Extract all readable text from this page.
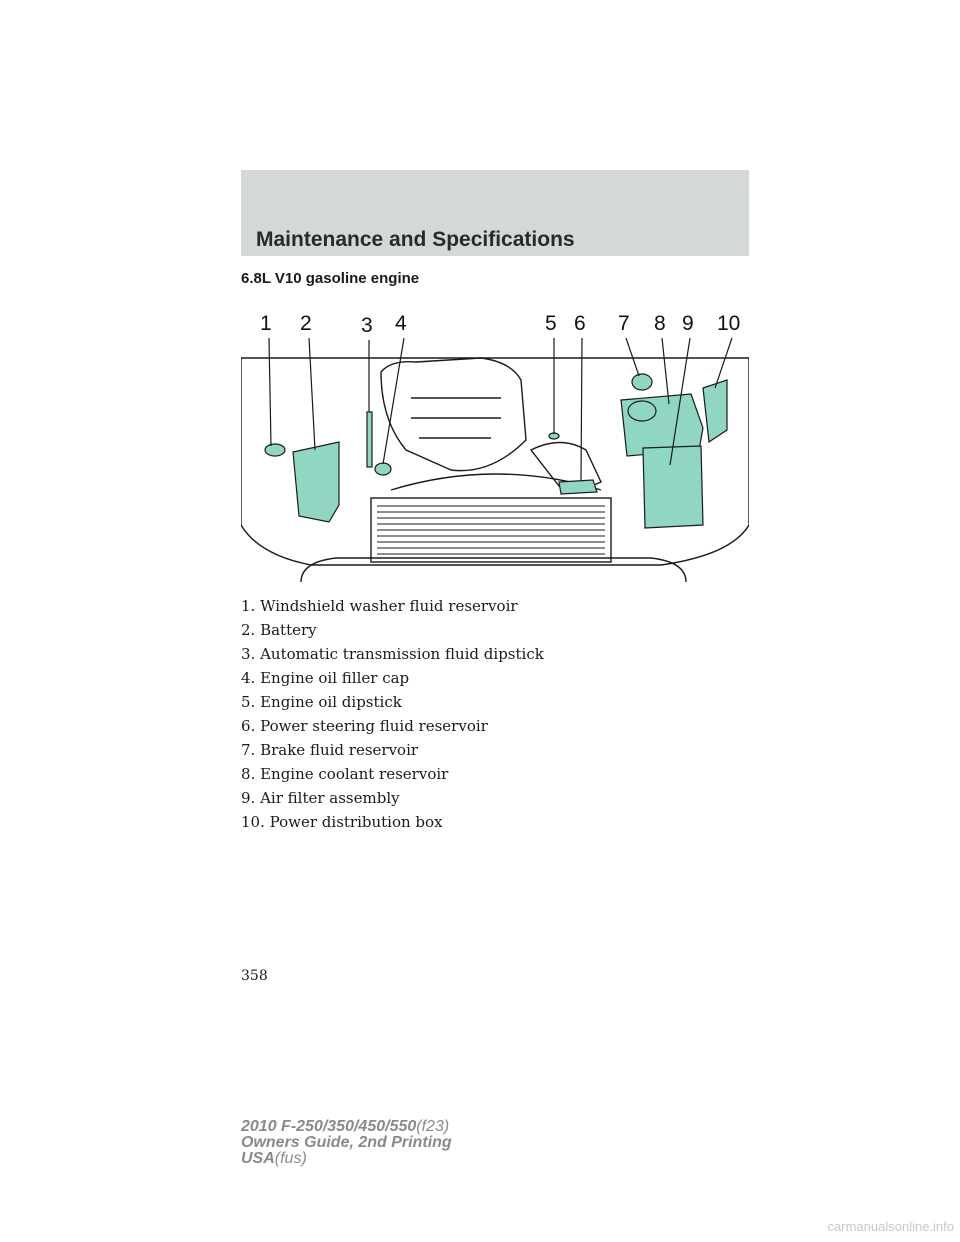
Maintenance and Specifications
6.8L V10 gasoline engine
1 2 3 4	5 6 7 8 9 10
1. Windshield washer fluid reservoir
2. Battery
3. Automatic transmission fluid dipstick
4. Engine oil filler cap
5. Engine oil dipstick
6. Power steering fluid reservoir
7. Brake fluid reservoir
8. Engine coolant reservoir
9. Air filter assembly
10. Power distribution box
358
2010 F-250/350/450/550(f23)
Owners Guide, 2nd Printing
USA(fus)
carmanualsonline.info
